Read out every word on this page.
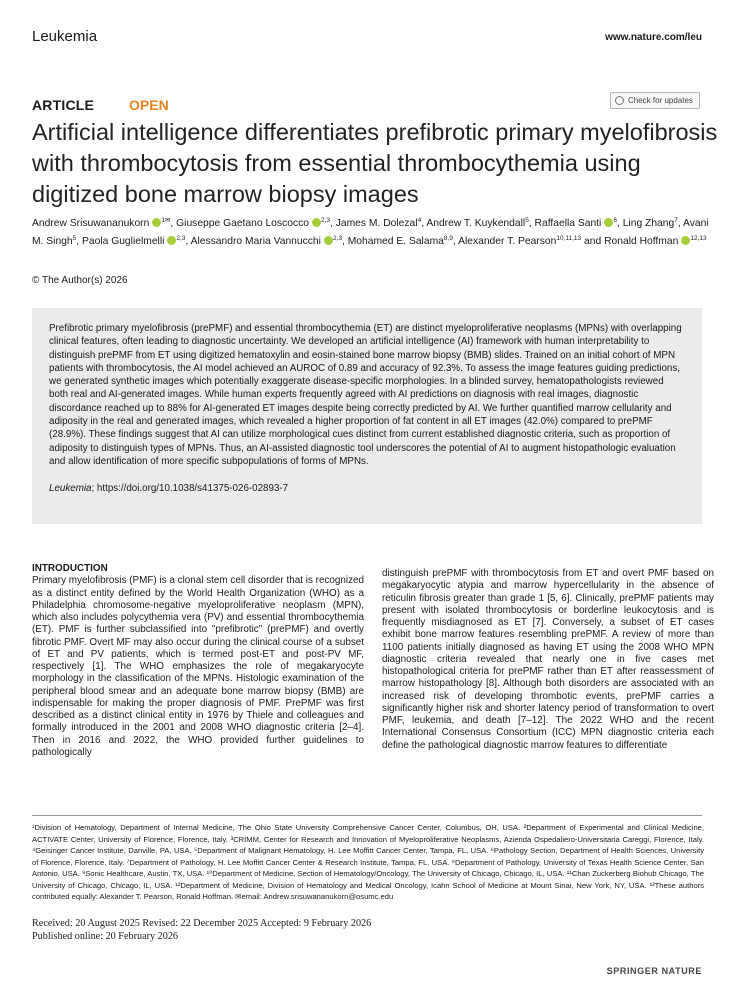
Leukemia	www.nature.com/leu
ARTICLE OPEN	Check for updates
Artificial intelligence differentiates prefibrotic primary myelofibrosis with thrombocytosis from essential thrombocythemia using digitized bone marrow biopsy images
Andrew Srisuwananukorn $^{1✉}$, Giuseppe Gaetano Loscocco $^{2,3}$, James M. Dolezal$^4$, Andrew T. Kuykendall$^5$, Raffaella Santi $^6$, Ling Zhang$^7$, Avani M. Singh$^5$, Paola Guglielmelli $^{2,3}$, Alessandro Maria Vannucchi $^{2,3}$, Mohamed E. Salama$^{8,9}$, Alexander T. Pearson$^{10,11,13}$ and Ronald Hoffman $^{12,13}$
© The Author(s) 2026
Prefibrotic primary myelofibrosis (prePMF) and essential thrombocythemia (ET) are distinct myeloproliferative neoplasms (MPNs) with overlapping clinical features, often leading to diagnostic uncertainty. We developed an artificial intelligence (AI) framework with human interpretability to distinguish prePMF from ET using digitized hematoxylin and eosin-stained bone marrow biopsy (BMB) slides. Trained on an initial cohort of MPN patients with thrombocytosis, the AI model achieved an AUROC of 0.89 and accuracy of 92.3%. To assess the image features guiding predictions, we generated synthetic images which potentially exaggerate disease-specific morphologies. In a blinded survey, hematopathologists reviewed both real and AI-generated images. While human experts frequently agreed with AI predictions on diagnosis with real images, diagnostic discordance reached up to 88% for AI-generated ET images despite being correctly predicted by AI. We further quantified marrow cellularity and adiposity in the real and generated images, which revealed a higher proportion of fat content in all ET images (42.0%) compared to prePMF (28.9%). These findings suggest that AI can utilize morphological cues distinct from current established diagnostic criteria, such as proportion of adiposity to distinguish types of MPNs. Thus, an AI-assisted diagnostic tool underscores the potential of AI to augment histopathologic evaluation and allow identification of more specific subpopulations of forms of MPNs.
Leukemia; https://doi.org/10.1038/s41375-026-02893-7
INTRODUCTION
Primary myelofibrosis (PMF) is a clonal stem cell disorder that is recognized as a distinct entity defined by the World Health Organization (WHO) as a Philadelphia chromosome-negative myeloproliferative neoplasm (MPN), which also includes polycythemia vera (PV) and essential thrombocythemia (ET). PMF is further subclassified into "prefibrotic" (prePMF) and overtly fibrotic PMF. Overt MF may also occur during the clinical course of a subset of ET and PV patients, which is termed post-ET and post-PV MF, respectively [1]. The WHO emphasizes the role of megakaryocyte morphology in the classification of the MPNs. Histologic examination of the peripheral blood smear and an adequate bone marrow biopsy (BMB) are indispensable for making the proper diagnosis of PMF. PrePMF was first described as a distinct clinical entity in 1976 by Thiele and colleagues and formally introduced in the 2001 and 2008 WHO diagnostic criteria [2–4]. Then in 2016 and 2022, the WHO provided further guidelines to pathologically
distinguish prePMF with thrombocytosis from ET and overt PMF based on megakaryocytic atypia and marrow hypercellularity in the absence of reticulin fibrosis greater than grade 1 [5, 6]. Clinically, prePMF patients may present with isolated thrombocytosis or borderline leukocytosis and is frequently misdiagnosed as ET [7]. Conversely, a subset of ET cases exhibit bone marrow features resembling prePMF. A review of more than 1100 patients initially diagnosed as having ET using the 2008 WHO MPN diagnostic criteria revealed that nearly one in five cases met histopathological criteria for prePMF rather than ET after reassessment of marrow histopathology [8]. Although both disorders are associated with an increased risk of developing thrombotic events, prePMF carries a significantly higher risk and shorter latency period of transformation to overt PMF, leukemia, and death [7–12]. The 2022 WHO and the recent International Consensus Consortium (ICC) MPN diagnostic criteria each define the pathological diagnostic marrow features to differentiate
¹Division of Hematology, Department of Internal Medicine, The Ohio State University Comprehensive Cancer Center, Columbus, OH, USA. ²Department of Experimental and Clinical Medicine, ACTIVATE Center, University of Florence, Florence, Italy. ³CRIMM, Center for Research and Innovation of Myeloproliferative Neoplasms, Azienda Ospedaliero-Universitaria Careggi, Florence, Italy. ⁴Geisinger Cancer Institute, Danville, PA, USA. ⁵Department of Malignant Hematology, H. Lee Moffitt Cancer Center, Tampa, FL, USA. ⁶Pathology Section, Department of Health Sciences, University of Florence, Florence, Italy. ⁷Department of Pathology, H. Lee Moffitt Cancer Center & Research Institute, Tampa, FL, USA. ⁸Department of Pathology, University of Texas Health Science Center, San Antonio, USA. ⁹Sonic Healthcare, Austin, TX, USA. ¹⁰Department of Medicine, Section of Hematology/Oncology, The University of Chicago, Chicago, IL, USA. ¹¹Chan Zuckerberg Biohub Chicago, The University of Chicago, Chicago, IL, USA. ¹²Department of Medicine, Division of Hematology and Medical Oncology, Icahn School of Medicine at Mount Sinai, New York, NY, USA. ¹³These authors contributed equally: Alexander T. Pearson, Ronald Hoffman. ✉email: Andrew.srisuwananukorn@osumc.edu
Received: 20 August 2025 Revised: 22 December 2025 Accepted: 9 February 2026
Published online: 20 February 2026
SPRINGER NATURE
